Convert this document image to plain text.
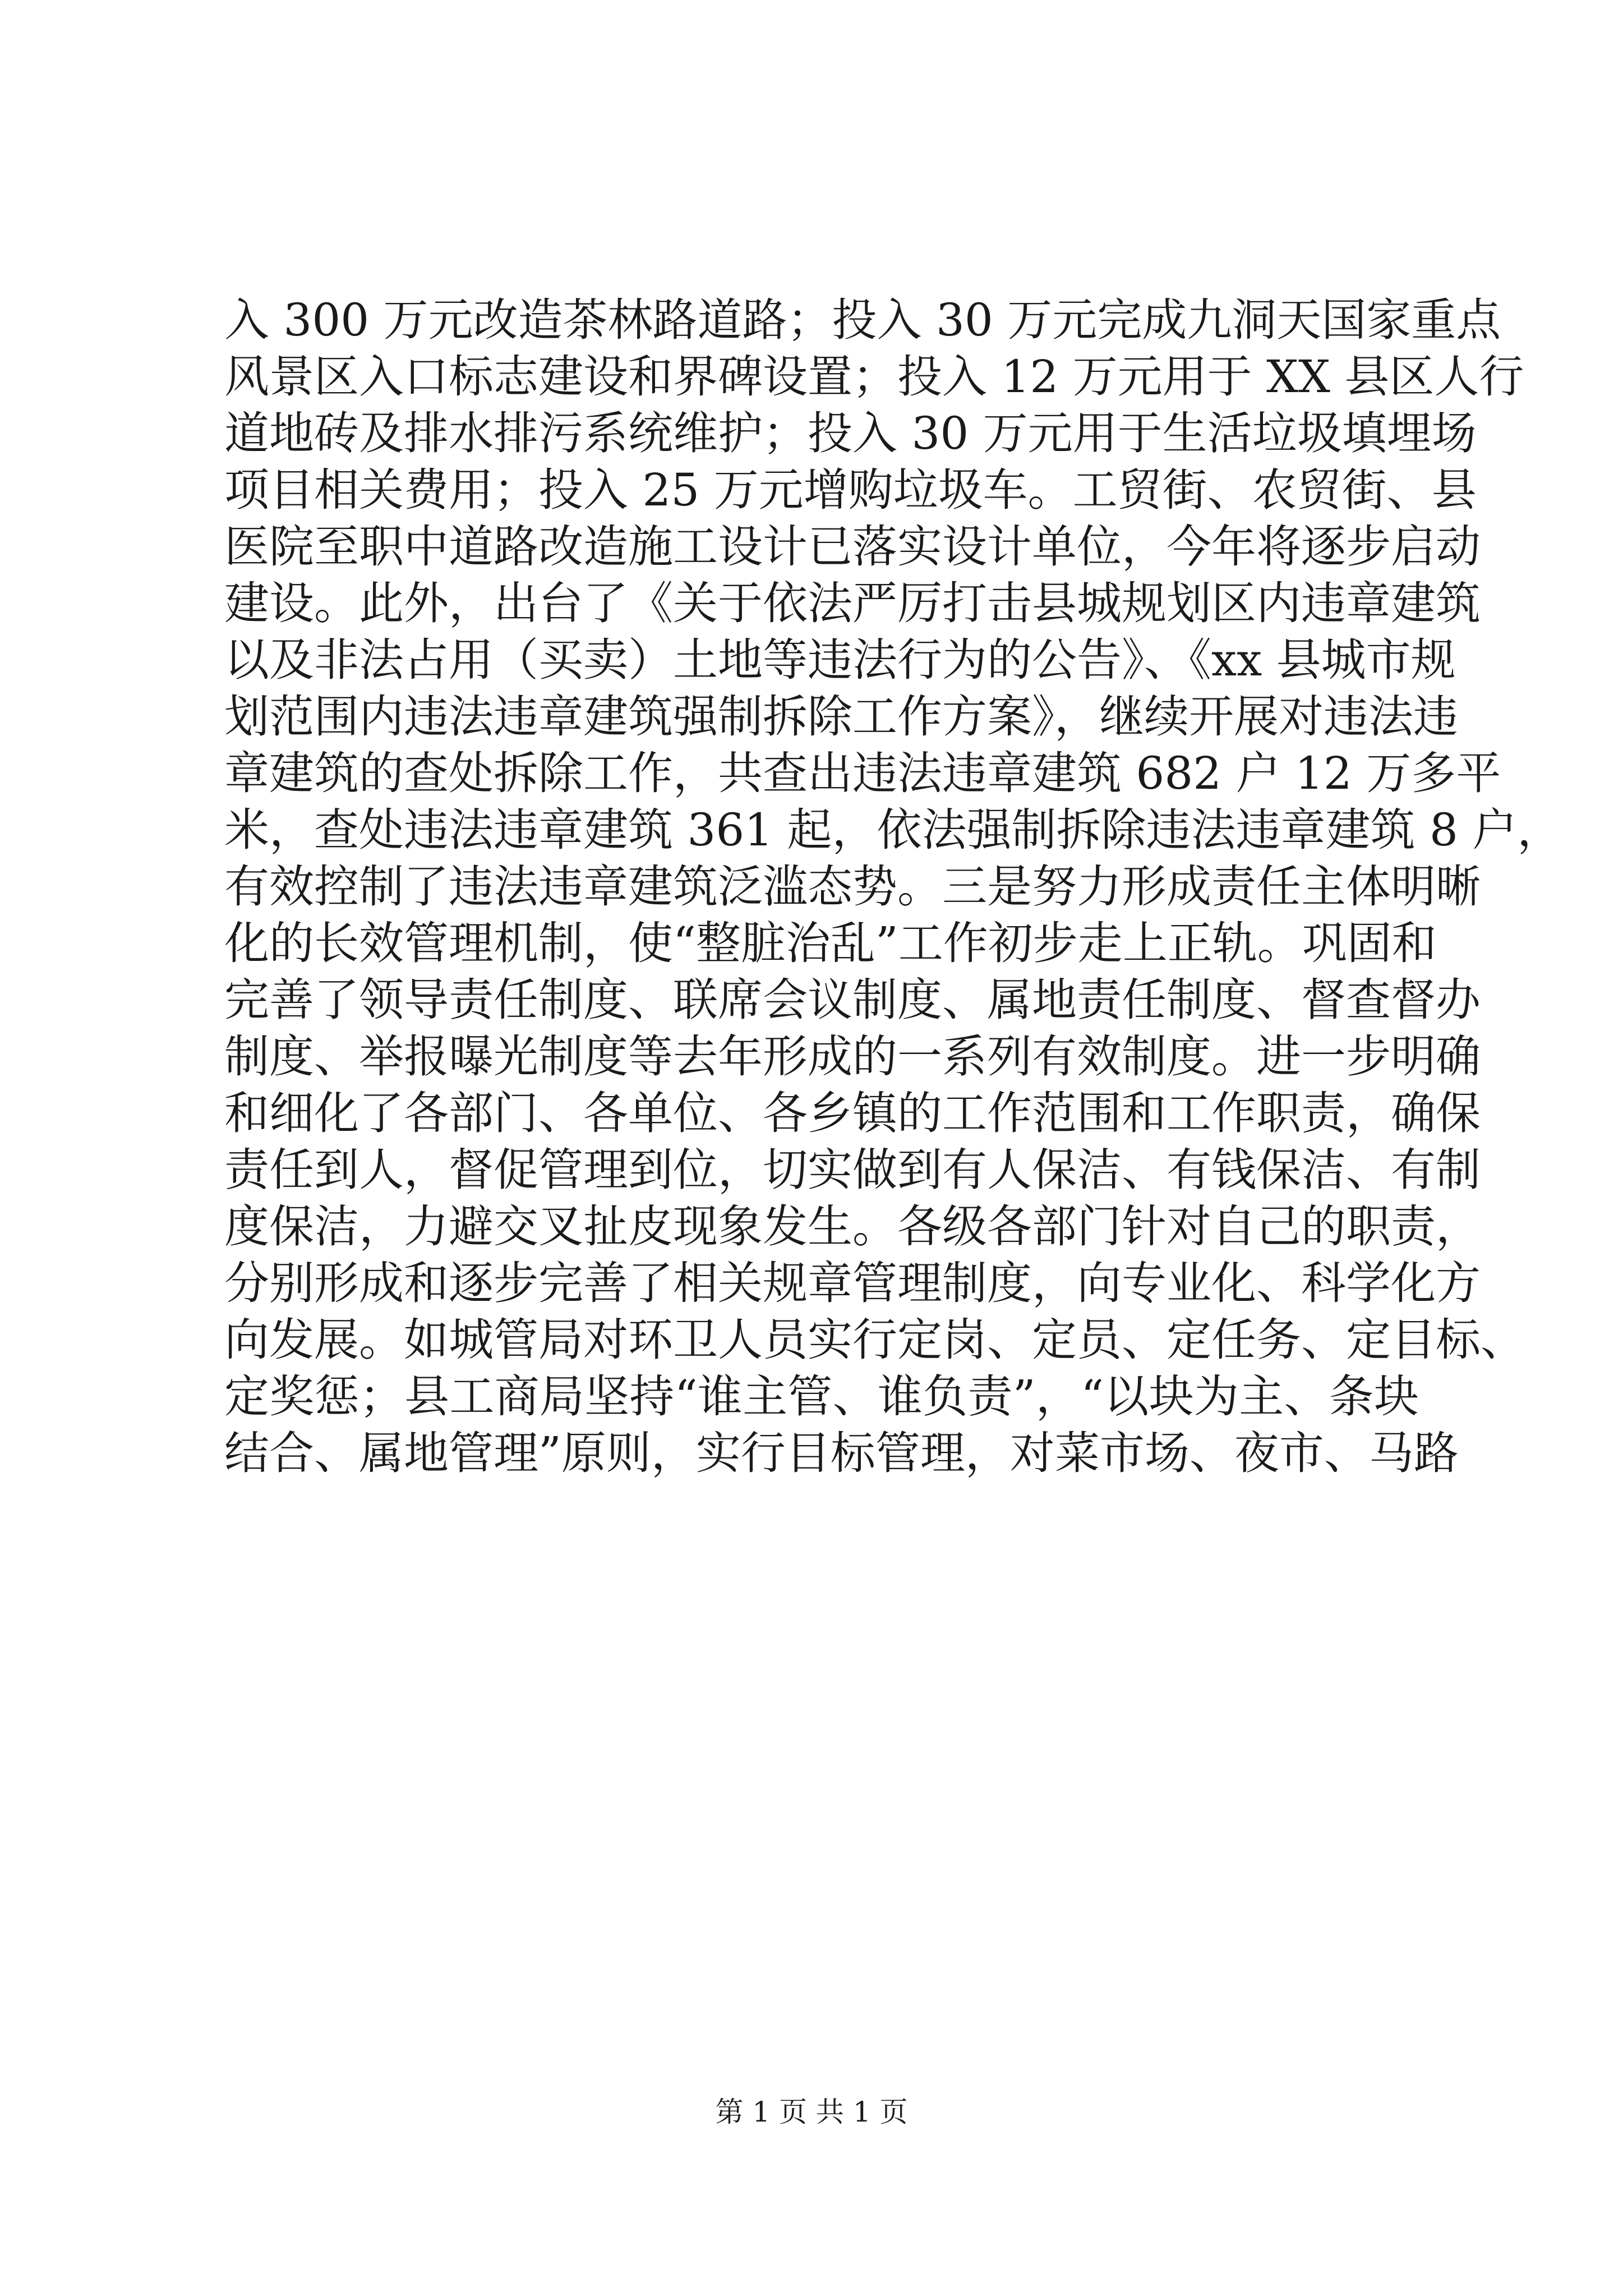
入 300 万元改造茶林路道路；投入 30 万元完成九洞天国家重点
风景区入口标志建设和界碑设置；投入 12 万元用于 XX 县区人行
道地砖及排水排污系统维护；投入 30 万元用于生活垃圾填埋场
项目相关费用；投入 25 万元增购垃圾车。工贸街、农贸街、县
医院至职中道路改造施工设计已落实设计单位，今年将逐步启动
建设。此外，出台了《关于依法严厉打击县城规划区内违章建筑
以及非法占用（买卖）土地等违法行为的公告》、《xx 县城市规
划范围内违法违章建筑强制拆除工作方案》，继续开展对违法违
章建筑的查处拆除工作，共查出违法违章建筑 682 户 12 万多平
米，查处违法违章建筑 361 起，依法强制拆除违法违章建筑 8 户，
有效控制了违法违章建筑泛滥态势。三是努力形成责任主体明晰
化的长效管理机制，使“整脏治乱”工作初步走上正轨。巩固和
完善了领导责任制度、联席会议制度、属地责任制度、督查督办
制度、举报曝光制度等去年形成的一系列有效制度。进一步明确
和细化了各部门、各单位、各乡镇的工作范围和工作职责，确保
责任到人，督促管理到位，切实做到有人保洁、有钱保洁、有制
度保洁，力避交叉扯皮现象发生。各级各部门针对自己的职责，
分别形成和逐步完善了相关规章管理制度，向专业化、科学化方
向发展。如城管局对环卫人员实行定岗、定员、定任务、定目标、
定奖惩；县工商局坚持“谁主管、谁负责”，“以块为主、条块
结合、属地管理”原则，实行目标管理，对菜市场、夜市、马路
第 1 页 共 1 页
